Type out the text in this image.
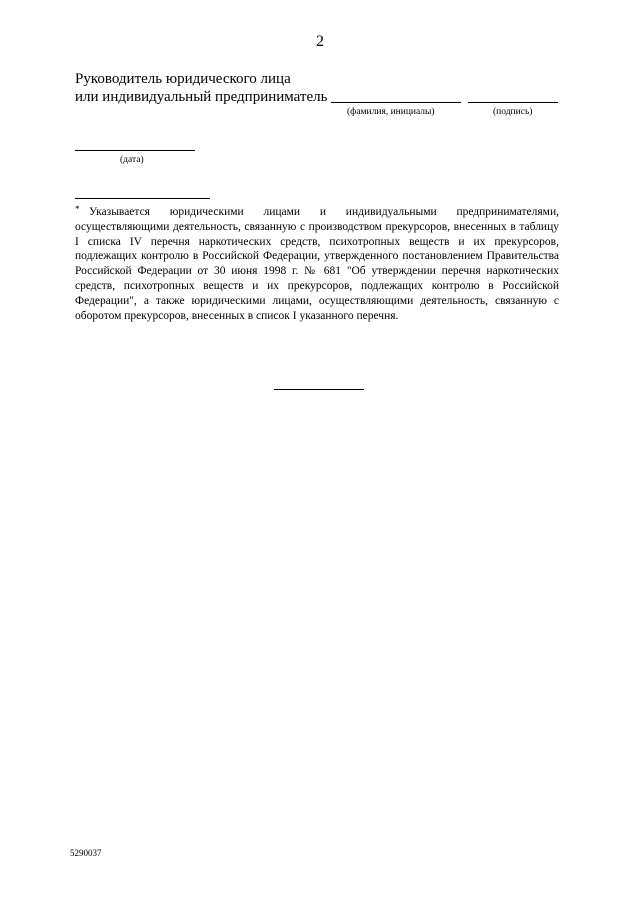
2
Руководитель юридического лица
или индивидуальный предприниматель
(фамилия, инициалы)	(подпись)
(дата)
* Указывается юридическими лицами и индивидуальными предпринимателями, осуществляющими деятельность, связанную с производством прекурсоров, внесенных в таблицу I списка IV перечня наркотических средств, психотропных веществ и их прекурсоров, подлежащих контролю в Российской Федерации, утвержденного постановлением Правительства Российской Федерации от 30 июня 1998 г. № 681 "Об утверждении перечня наркотических средств, психотропных веществ и их прекурсоров, подлежащих контролю в Российской Федерации", а также юридическими лицами, осуществляющими деятельность, связанную с оборотом прекурсоров, внесенных в список I указанного перечня.
5290037
